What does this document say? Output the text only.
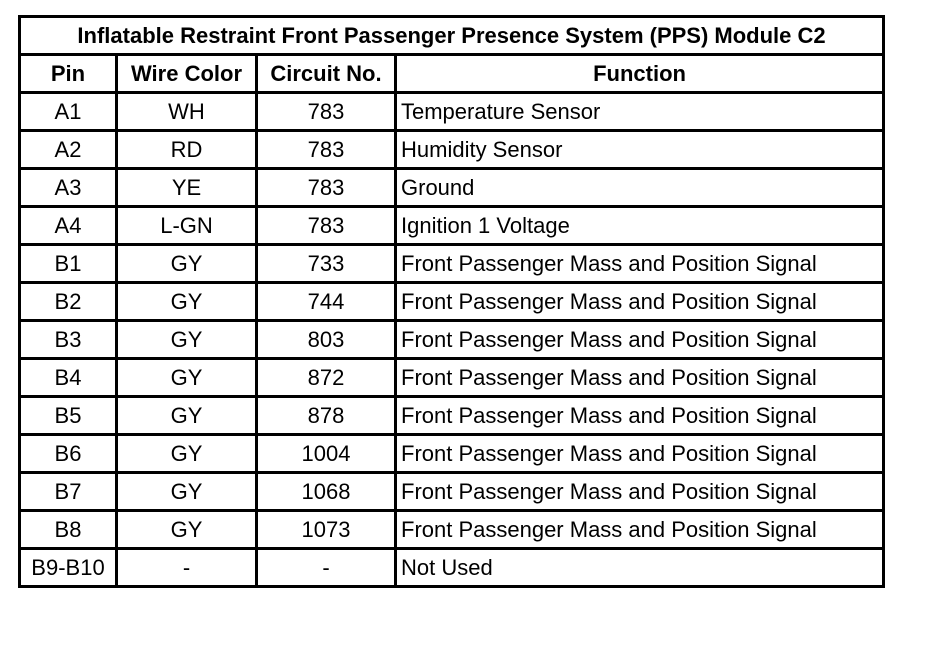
Inflatable Restraint Front Passenger Presence System (PPS) Module C2			
Pin	Wire Color	Circuit No.	Function
A1	WH	783	Temperature Sensor
A2	RD	783	Humidity Sensor
A3	YE	783	Ground
A4	L-GN	783	Ignition 1 Voltage
B1	GY	733	Front Passenger Mass and Position Signal
B2	GY	744	Front Passenger Mass and Position Signal
B3	GY	803	Front Passenger Mass and Position Signal
B4	GY	872	Front Passenger Mass and Position Signal
B5	GY	878	Front Passenger Mass and Position Signal
B6	GY	1004	Front Passenger Mass and Position Signal
B7	GY	1068	Front Passenger Mass and Position Signal
B8	GY	1073	Front Passenger Mass and Position Signal
B9-B10	-	-	Not Used
